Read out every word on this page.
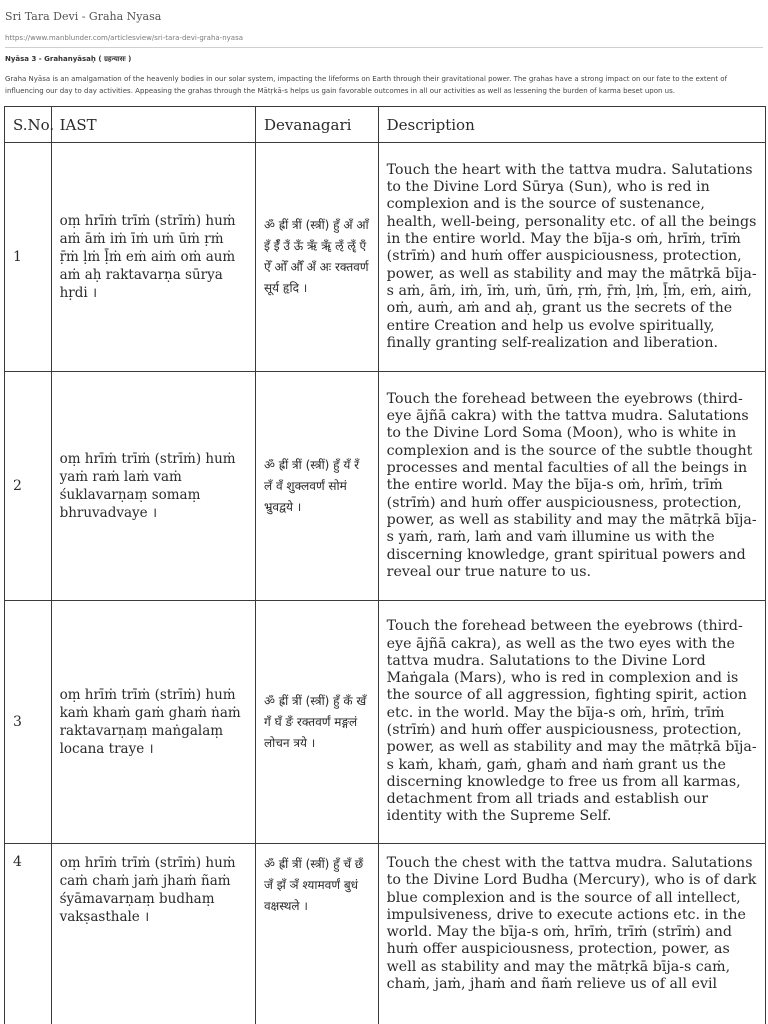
Sri Tara Devi - Graha Nyasa
https://www.manblunder.com/articlesview/sri-tara-devi-graha-nyasa
Nyāsa 3 - Grahanyāsaḥ ( ग्रहन्यासः )

Graha Nyāsa is an amalgamation of the heavenly bodies in our solar system, impacting the lifeforms on Earth through their gravitational power. The grahas have a strong impact on our fate to the extent of influencing our day to day activities. Appeasing the grahas through the Mātṛkā-s helps us gain favorable outcomes in all our activities as well as lessening the burden of karma beset upon us.

S.No.	IAST	Devanagari	Description
1	oṃ hrīṁ trīṁ (strīṁ) huṁ aṁ āṁ iṁ īṁ uṁ ūṁ ṛṁ ṝṁ ḷṁ ḹṁ eṁ aiṁ oṁ auṁ aṁ aḥ raktavarṇa sūrya hṛdi ।	ॐ ह्रीं त्रीं (स्त्रीं) हुँ अँ आँ इँ ईँ उँ ऊँ ऋँ ॠँ ऌँ ॡँ एँ ऐँ ओँ औँ अँ अः रक्तवर्ण सूर्य हृदि ।	Touch the heart with the tattva mudra. Salutations to the Divine Lord Sūrya (Sun), who is red in complexion and is the source of sustenance, health, well-being, personality etc. of all the beings in the entire world. May the bīja-s oṁ, hrīṁ, trīṁ (strīṁ) and huṁ offer auspiciousness, protection, power, as well as stability and may the mātṛkā bīja-s aṁ, āṁ, iṁ, īṁ, uṁ, ūṁ, ṛṁ, ṝṁ, ḷṁ, ḹṁ, eṁ, aiṁ, oṁ, auṁ, aṁ and aḥ, grant us the secrets of the entire Creation and help us evolve spiritually, finally granting self-realization and liberation.
2	oṃ hrīṁ trīṁ (strīṁ) huṁ yaṁ raṁ laṁ vaṁ śuklavarṇaṃ somaṃ bhruvadvaye ।	ॐ ह्रीं त्रीं (स्त्रीं) हुँ यँ रँ लँ वँ शुक्लवर्णं सोमं भ्रुवद्वये ।	Touch the forehead between the eyebrows (third-eye ājñā cakra) with the tattva mudra. Salutations to the Divine Lord Soma (Moon), who is white in complexion and is the source of the subtle thought processes and mental faculties of all the beings in the entire world. May the bīja-s oṁ, hrīṁ, trīṁ (strīṁ) and huṁ offer auspiciousness, protection, power, as well as stability and may the mātṛkā bīja-s yaṁ, raṁ, laṁ and vaṁ illumine us with the discerning knowledge, grant spiritual powers and reveal our true nature to us.
3	oṃ hrīṁ trīṁ (strīṁ) huṁ kaṁ khaṁ gaṁ ghaṁ ṅaṁ raktavarṇaṃ maṅgalaṃ locana traye ।	ॐ ह्रीं त्रीं (स्त्रीं) हुँ कँ खँ गँ घँ ङँ रक्तवर्णं मङ्गलं लोचन त्रये ।	Touch the forehead between the eyebrows (third-eye ājñā cakra), as well as the two eyes with the tattva mudra. Salutations to the Divine Lord Maṅgala (Mars), who is red in complexion and is the source of all aggression, fighting spirit, action etc. in the world. May the bīja-s oṁ, hrīṁ, trīṁ (strīṁ) and huṁ offer auspiciousness, protection, power, as well as stability and may the mātṛkā bīja-s kaṁ, khaṁ, gaṁ, ghaṁ and ṅaṁ grant us the discerning knowledge to free us from all karmas, detachment from all triads and establish our identity with the Supreme Self.
4	oṃ hrīṁ trīṁ (strīṁ) huṁ caṁ chaṁ jaṁ jhaṁ ñaṁ śyāmavarṇaṃ budhaṃ vakṣasthale ।	ॐ ह्रीं त्रीं (स्त्रीं) हुँ चँ छँ जँ झँ ञँ श्यामवर्णं बुधं वक्षस्थले ।	Touch the chest with the tattva mudra. Salutations to the Divine Lord Budha (Mercury), who is of dark blue complexion and is the source of all intellect, impulsiveness, drive to execute actions etc. in the world. May the bīja-s oṁ, hrīṁ, trīṁ (strīṁ) and huṁ offer auspiciousness, protection, power, as well as stability and may the mātṛkā bīja-s caṁ, chaṁ, jaṁ, jhaṁ and ñaṁ relieve us of all evil
